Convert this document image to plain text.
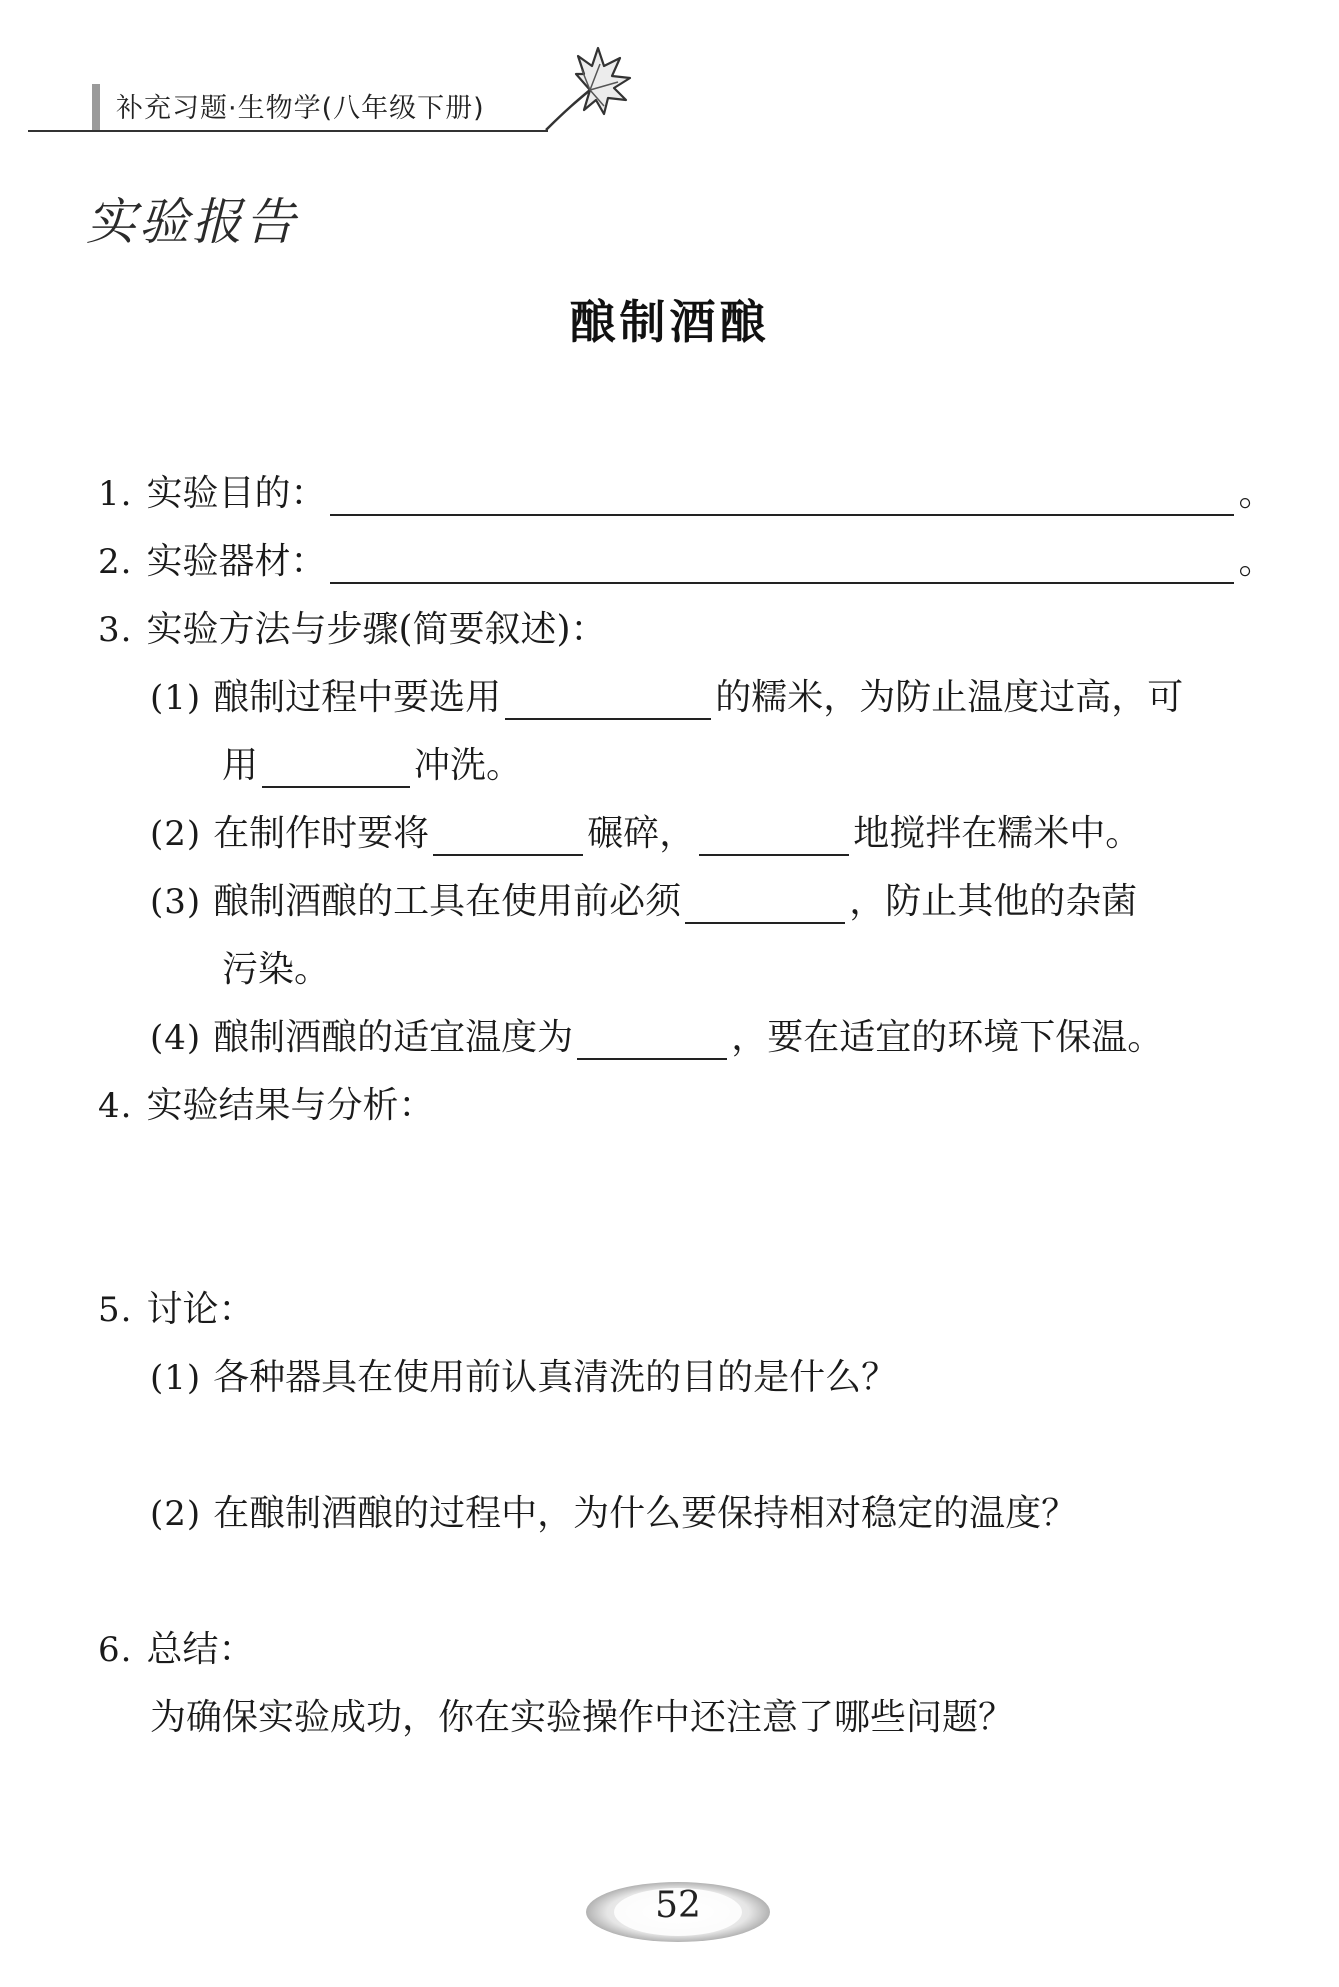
补充习题·生物学(八年级下册)
实验报告
酿制酒酿
1. 实验目的：	。
2. 实验器材：	。
3. 实验方法与步骤(简要叙述)：
(1) 酿制过程中要选用	的糯米，为防止温度过高，可
用	冲洗。
(2) 在制作时要将	碾碎，	地搅拌在糯米中。
(3) 酿制酒酿的工具在使用前必须	，防止其他的杂菌
污染。
(4) 酿制酒酿的适宜温度为	，要在适宜的环境下保温。
4. 实验结果与分析：
5. 讨论：
(1) 各种器具在使用前认真清洗的目的是什么？
(2) 在酿制酒酿的过程中，为什么要保持相对稳定的温度？
6. 总结：
为确保实验成功，你在实验操作中还注意了哪些问题？
52
